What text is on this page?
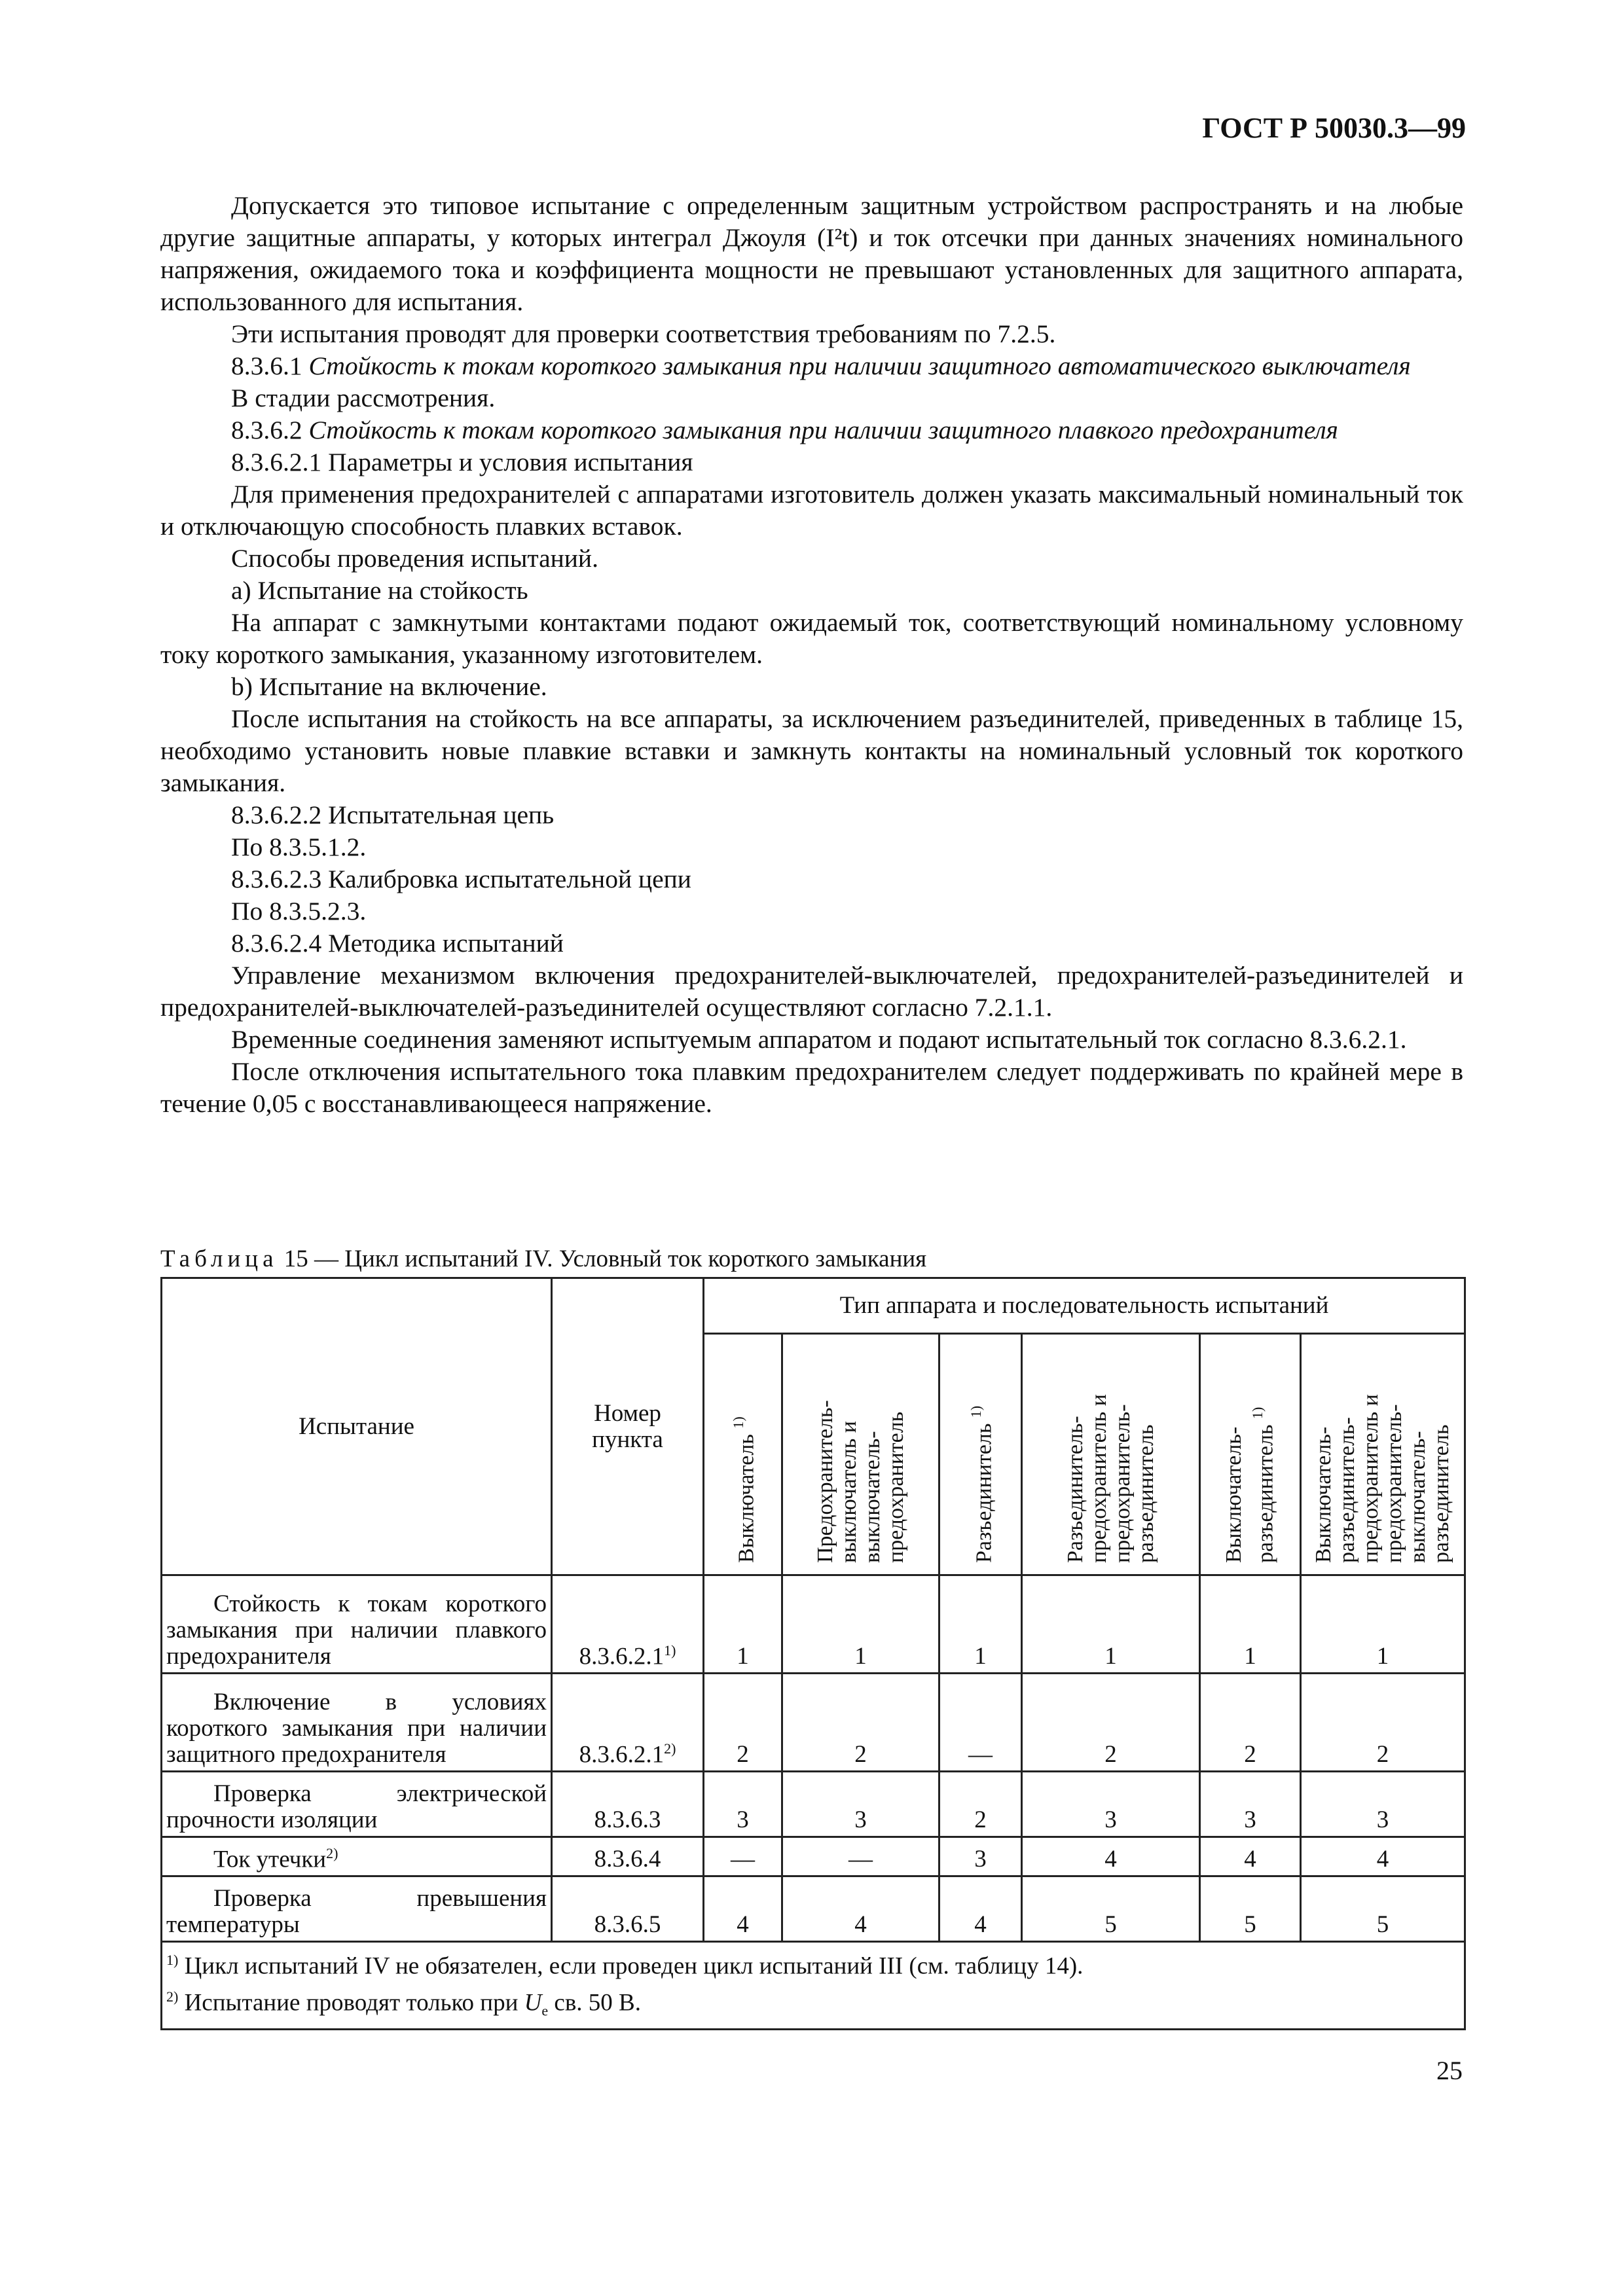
ГОСТ Р 50030.3—99

Допускается это типовое испытание с определенным защитным устройством распространять и на любые другие защитные аппараты, у которых интеграл Джоуля (I²t) и ток отсечки при данных значениях номинального напряжения, ожидаемого тока и коэффициента мощности не превышают установленных для защитного аппарата, использованного для испытания.

Эти испытания проводят для проверки соответствия требованиям по 7.2.5.

8.3.6.1 Стойкость к токам короткого замыкания при наличии защитного автоматического выключателя

В стадии рассмотрения.

8.3.6.2 Стойкость к токам короткого замыкания при наличии защитного плавкого предохранителя

8.3.6.2.1 Параметры и условия испытания

Для применения предохранителей с аппаратами изготовитель должен указать максимальный номинальный ток и отключающую способность плавких вставок.

Способы проведения испытаний.

a) Испытание на стойкость

На аппарат с замкнутыми контактами подают ожидаемый ток, соответствующий номинальному условному току короткого замыкания, указанному изготовителем.

b) Испытание на включение.

После испытания на стойкость на все аппараты, за исключением разъединителей, приведенных в таблице 15, необходимо установить новые плавкие вставки и замкнуть контакты на номинальный условный ток короткого замыкания.

8.3.6.2.2 Испытательная цепь

По 8.3.5.1.2.

8.3.6.2.3 Калибровка испытательной цепи

По 8.3.5.2.3.

8.3.6.2.4 Методика испытаний

Управление механизмом включения предохранителей-выключателей, предохранителей-разъединителей и предохранителей-выключателей-разъединителей осуществляют согласно 7.2.1.1.

Временные соединения заменяют испытуемым аппаратом и подают испытательный ток согласно 8.3.6.2.1.

После отключения испытательного тока плавким предохранителем следует поддерживать по крайней мере в течение 0,05 с восстанавливающееся напряжение.

Таблица 15 — Цикл испытаний IV. Условный ток короткого замыкания
Испытание	Номер пункта	Тип аппарата и последовательность испытаний					
		Выключатель $^{1)}$	Предохранитель-выключатель и выключатель-предохранитель	Разъединитель $^{1)}$	Разъединитель-предохранитель и предохранитель-разъединитель	Выключатель-разъединитель $^{1)}$	Выключатель-разъединитель-предохранитель и предохранитель-выключатель-разъединитель
Стойкость к токам короткого замыкания при наличии плавкого предохранителя	8.3.6.2.1$^{1)}$	1	1	1	1	1	1
Включение в условиях короткого замыкания при наличии защитного предохранителя	8.3.6.2.1$^{2)}$	2	2	—	2	2	2
Проверка электрической прочности изоляции	8.3.6.3	3	3	2	3	3	3
Ток утечки$^{2)}$	8.3.6.4	—	—	3	4	4	4
Проверка превышения температуры	8.3.6.5	4	4	4	5	5	5

$^{1)}$ Цикл испытаний IV не обязателен, если проведен цикл испытаний III (см. таблицу 14).
$^{2)}$ Испытание проводят только при $U_e$ св. 50 В.							
25
